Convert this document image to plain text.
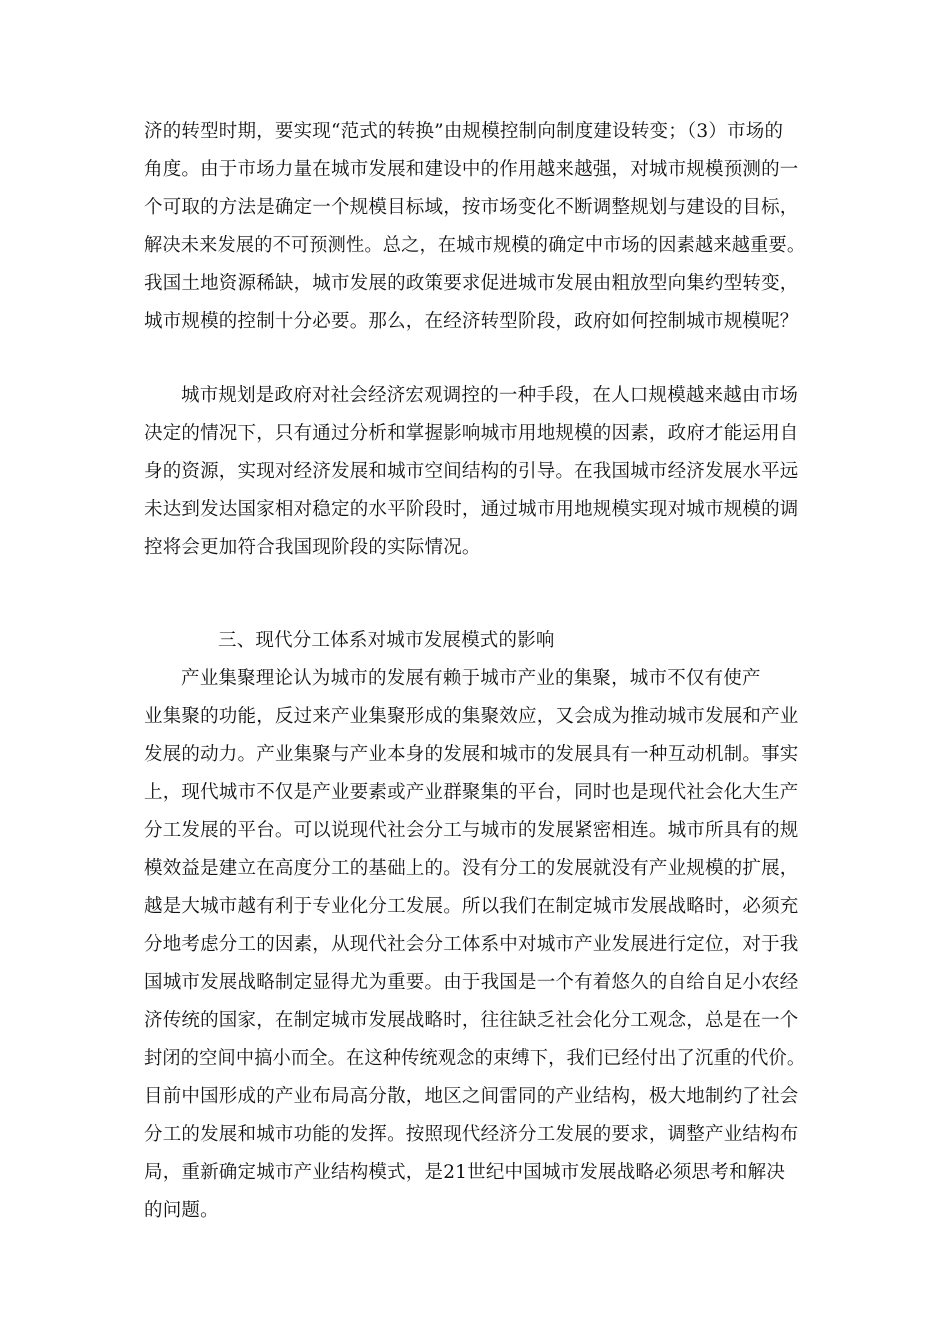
济的转型时期，要实现“范式的转换”由规模控制向制度建设转变；（3）市场的
角度。由于市场力量在城市发展和建设中的作用越来越强，对城市规模预测的一
个可取的方法是确定一个规模目标域，按市场变化不断调整规划与建设的目标，
解决未来发展的不可预测性。总之，在城市规模的确定中市场的因素越来越重要。
我国土地资源稀缺，城市发展的政策要求促进城市发展由粗放型向集约型转变，
城市规模的控制十分必要。那么，在经济转型阶段，政府如何控制城市规模呢？
城市规划是政府对社会经济宏观调控的一种手段，在人口规模越来越由市场
决定的情况下，只有通过分析和掌握影响城市用地规模的因素，政府才能运用自
身的资源，实现对经济发展和城市空间结构的引导。在我国城市经济发展水平远
未达到发达国家相对稳定的水平阶段时，通过城市用地规模实现对城市规模的调
控将会更加符合我国现阶段的实际情况。
三、现代分工体系对城市发展模式的影响
产业集聚理论认为城市的发展有赖于城市产业的集聚，城市不仅有使产
业集聚的功能，反过来产业集聚形成的集聚效应，又会成为推动城市发展和产业
发展的动力。产业集聚与产业本身的发展和城市的发展具有一种互动机制。事实
上，现代城市不仅是产业要素或产业群聚集的平台，同时也是现代社会化大生产
分工发展的平台。可以说现代社会分工与城市的发展紧密相连。城市所具有的规
模效益是建立在高度分工的基础上的。没有分工的发展就没有产业规模的扩展，
越是大城市越有利于专业化分工发展。所以我们在制定城市发展战略时，必须充
分地考虑分工的因素，从现代社会分工体系中对城市产业发展进行定位，对于我
国城市发展战略制定显得尤为重要。由于我国是一个有着悠久的自给自足小农经
济传统的国家，在制定城市发展战略时，往往缺乏社会化分工观念，总是在一个
封闭的空间中搞小而全。在这种传统观念的束缚下，我们已经付出了沉重的代价。
目前中国形成的产业布局高分散，地区之间雷同的产业结构，极大地制约了社会
分工的发展和城市功能的发挥。按照现代经济分工发展的要求，调整产业结构布
局，重新确定城市产业结构模式，是21世纪中国城市发展战略必须思考和解决
的问题。
